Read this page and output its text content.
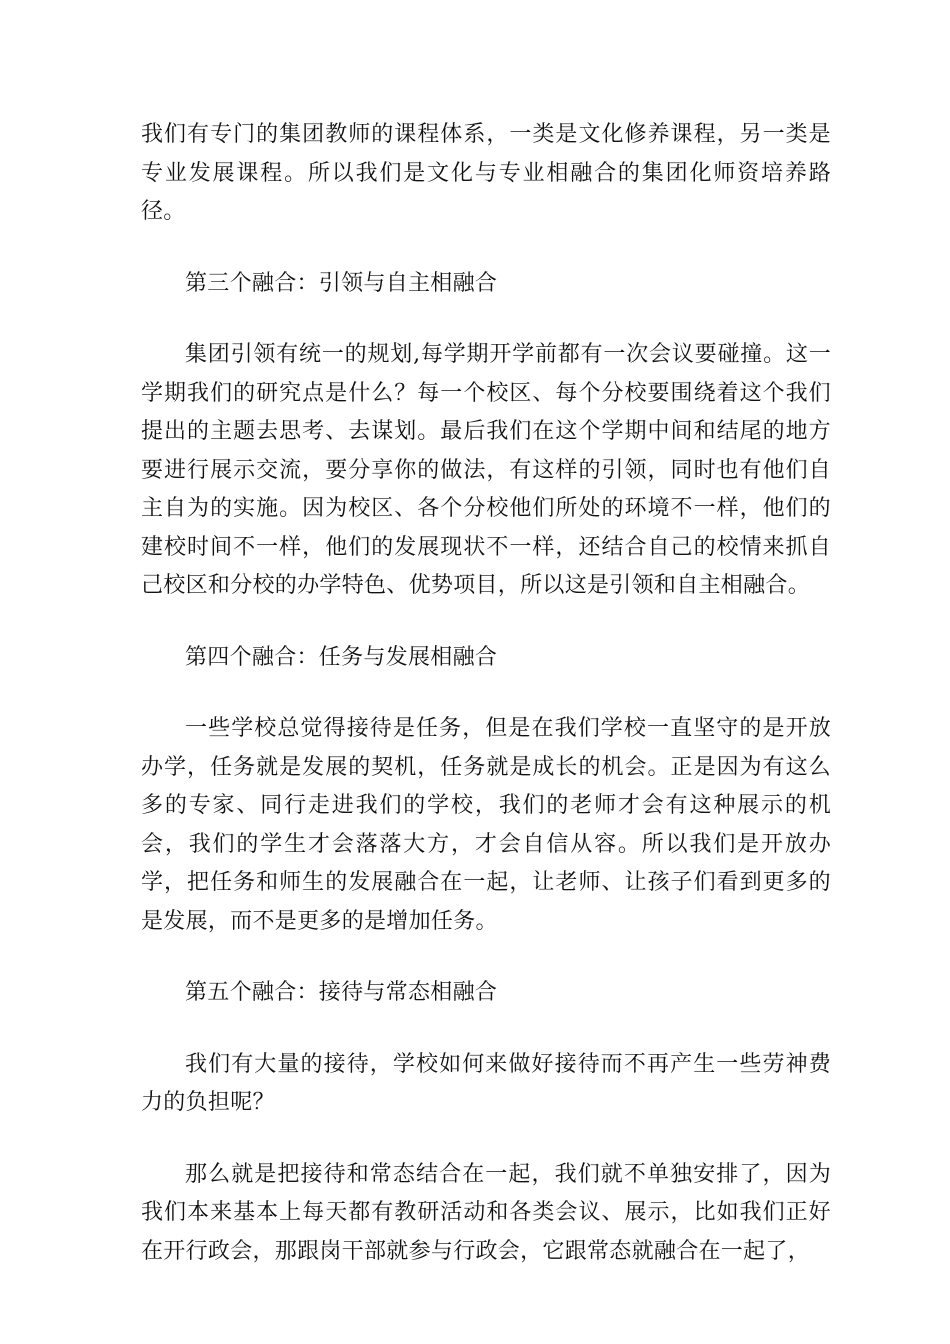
我们有专门的集团教师的课程体系，一类是文化修养课程，另一类是专业发展课程。所以我们是文化与专业相融合的集团化师资培养路径。

第三个融合：引领与自主相融合

集团引领有统一的规划,每学期开学前都有一次会议要碰撞。这一学期我们的研究点是什么？每一个校区、每个分校要围绕着这个我们提出的主题去思考、去谋划。最后我们在这个学期中间和结尾的地方要进行展示交流，要分享你的做法，有这样的引领，同时也有他们自主自为的实施。因为校区、各个分校他们所处的环境不一样，他们的建校时间不一样，他们的发展现状不一样，还结合自己的校情来抓自己校区和分校的办学特色、优势项目，所以这是引领和自主相融合。

第四个融合：任务与发展相融合

一些学校总觉得接待是任务，但是在我们学校一直坚守的是开放办学，任务就是发展的契机，任务就是成长的机会。正是因为有这么多的专家、同行走进我们的学校，我们的老师才会有这种展示的机会，我们的学生才会落落大方，才会自信从容。所以我们是开放办学，把任务和师生的发展融合在一起，让老师、让孩子们看到更多的是发展，而不是更多的是增加任务。

第五个融合：接待与常态相融合

我们有大量的接待，学校如何来做好接待而不再产生一些劳神费力的负担呢？

那么就是把接待和常态结合在一起，我们就不单独安排了，因为我们本来基本上每天都有教研活动和各类会议、展示，比如我们正好在开行政会，那跟岗干部就参与行政会，它跟常态就融合在一起了，
